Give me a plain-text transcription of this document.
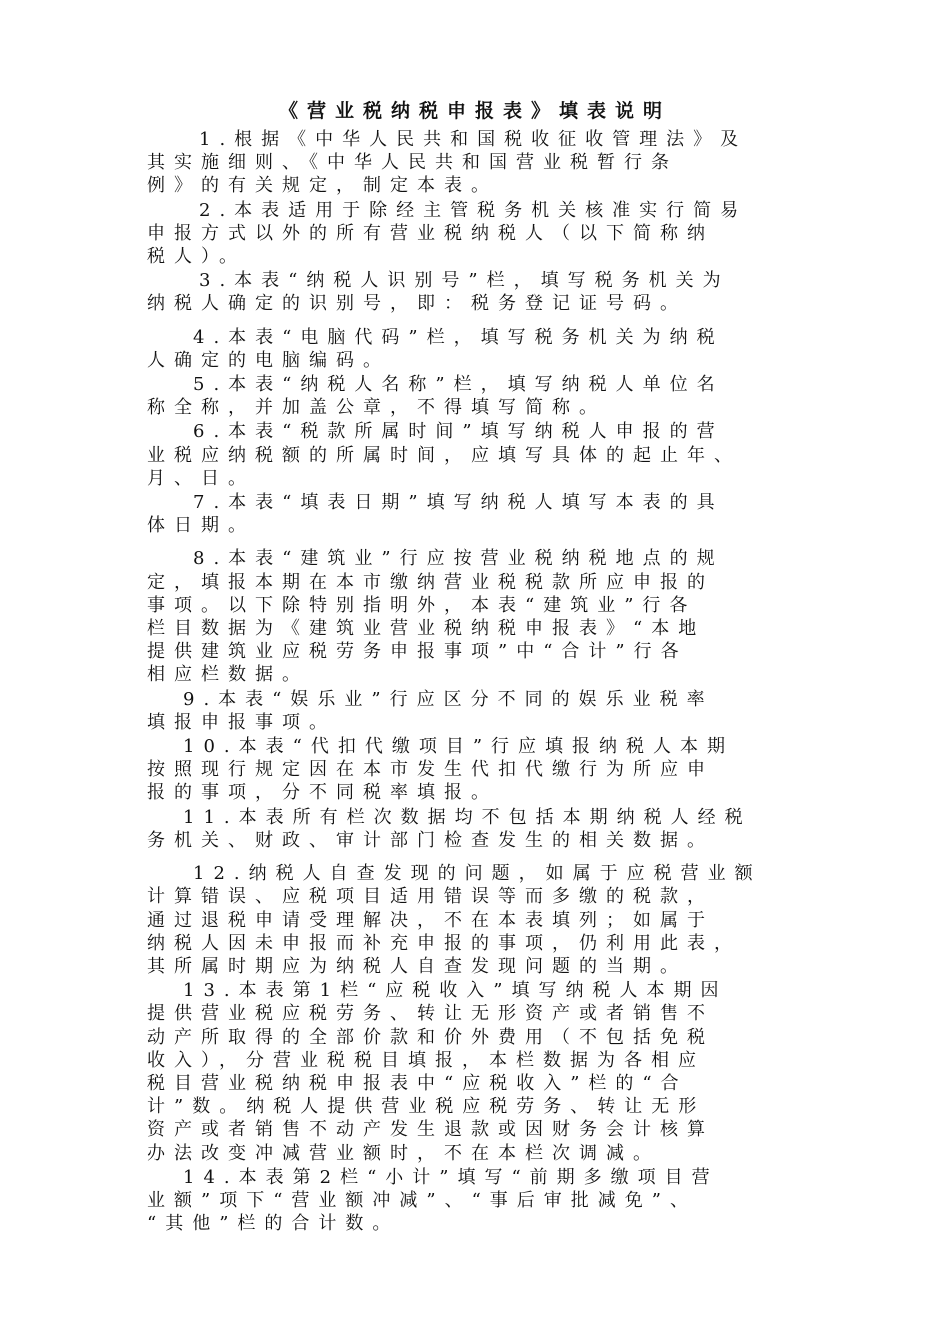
《营业税纳税申报表》填表说明
1.根据《中华人民共和国税收征收管理法》及
其实施细则、《中华人民共和国营业税暂行条
例》的有关规定，制定本表。
2.本表适用于除经主管税务机关核准实行简易
申报方式以外的所有营业税纳税人（以下简称纳
税人）。
3.本表“纳税人识别号”栏，填写税务机关为
纳税人确定的识别号，即：税务登记证号码。
4.本表“电脑代码”栏，填写税务机关为纳税
人确定的电脑编码。
5.本表“纳税人名称”栏，填写纳税人单位名
称全称，并加盖公章，不得填写简称。
6.本表“税款所属时间”填写纳税人申报的营
业税应纳税额的所属时间，应填写具体的起止年、
月、日。
7.本表“填表日期”填写纳税人填写本表的具
体日期。
8.本表“建筑业”行应按营业税纳税地点的规
定，填报本期在本市缴纳营业税税款所应申报的
事项。以下除特别指明外，本表“建筑业”行各
栏目数据为《建筑业营业税纳税申报表》“本地
提供建筑业应税劳务申报事项”中“合计”行各
相应栏数据。
9.本表“娱乐业”行应区分不同的娱乐业税率
填报申报事项。
10.本表“代扣代缴项目”行应填报纳税人本期
按照现行规定因在本市发生代扣代缴行为所应申
报的事项，分不同税率填报。
11.本表所有栏次数据均不包括本期纳税人经税
务机关、财政、审计部门检查发生的相关数据。
12.纳税人自查发现的问题，如属于应税营业额
计算错误、应税项目适用错误等而多缴的税款，
通过退税申请受理解决，不在本表填列；如属于
纳税人因未申报而补充申报的事项，仍利用此表，
其所属时期应为纳税人自查发现问题的当期。
13.本表第1栏“应税收入”填写纳税人本期因
提供营业税应税劳务、转让无形资产或者销售不
动产所取得的全部价款和价外费用（不包括免税
收入），分营业税税目填报，本栏数据为各相应
税目营业税纳税申报表中“应税收入”栏的“合
计”数。纳税人提供营业税应税劳务、转让无形
资产或者销售不动产发生退款或因财务会计核算
办法改变冲减营业额时，不在本栏次调减。
14.本表第2栏“小计”填写“前期多缴项目营
业额”项下“营业额冲减”、“事后审批减免”、
“其他”栏的合计数。
